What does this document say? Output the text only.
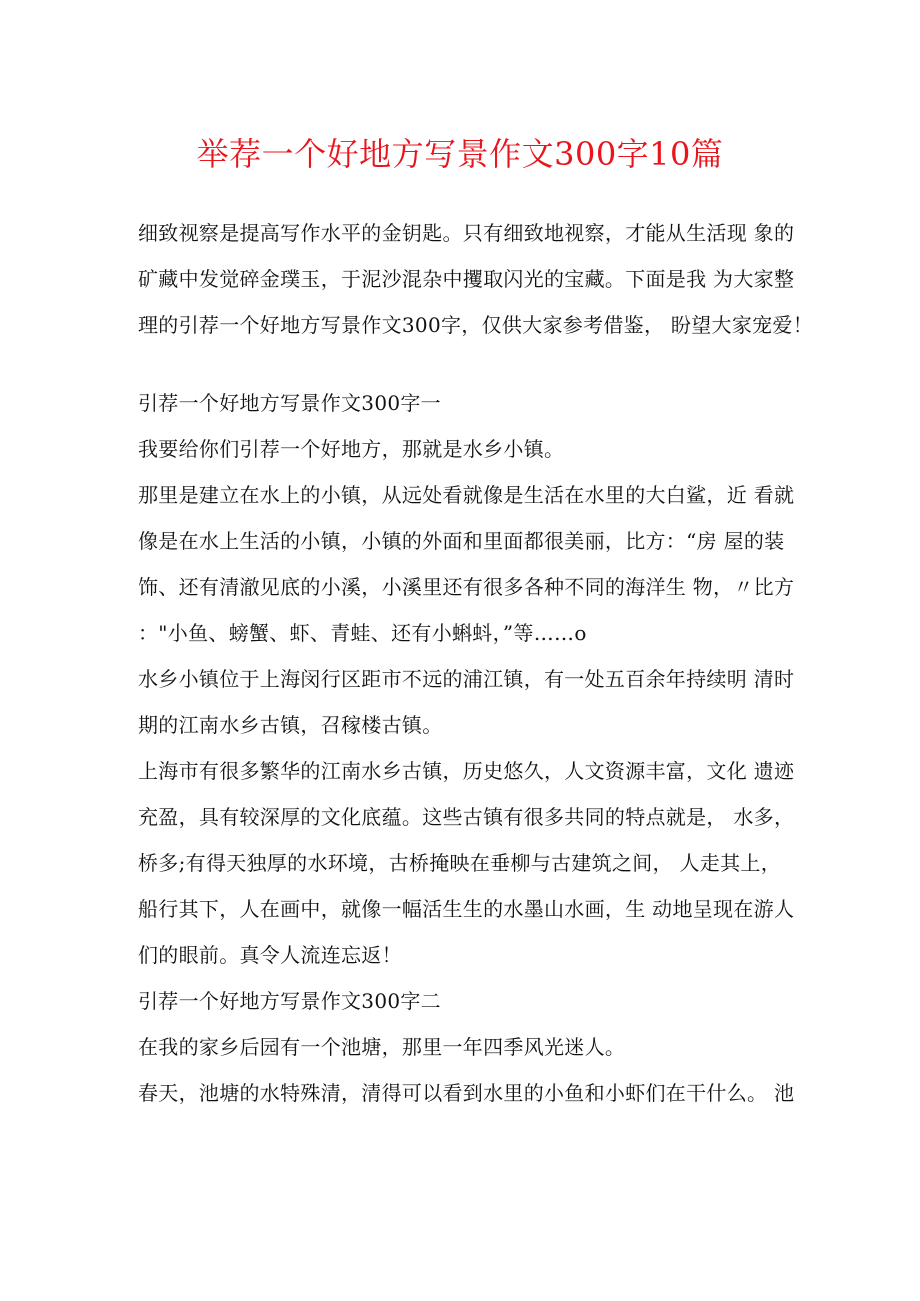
举荐一个好地方写景作文300字10篇
细致视察是提高写作水平的金钥匙。只有细致地视察，才能从生活现 象的
矿藏中发觉碎金璞玉，于泥沙混杂中攫取闪光的宝藏。下面是我 为大家整
理的引荐一个好地方写景作文300字，仅供大家参考借鉴， 盼望大家宠爱！
引荐一个好地方写景作文300字一
我要给你们引荐一个好地方，那就是水乡小镇。
那里是建立在水上的小镇，从远处看就像是生活在水里的大白鲨，近 看就
像是在水上生活的小镇，小镇的外面和里面都很美丽，比方：“房 屋的装
饰、还有清澈见底的小溪，小溪里还有很多各种不同的海洋生 物，〃比方
："小鱼、螃蟹、虾、青蛙、还有小蝌蚪，”等……o
水乡小镇位于上海闵行区距市不远的浦江镇，有一处五百余年持续明 清时
期的江南水乡古镇，召稼楼古镇。
上海市有很多繁华的江南水乡古镇，历史悠久，人文资源丰富，文化 遗迹
充盈，具有较深厚的文化底蕴。这些古镇有很多共同的特点就是， 水多，
桥多;有得天独厚的水环境，古桥掩映在垂柳与古建筑之间， 人走其上，
船行其下，人在画中，就像一幅活生生的水墨山水画，生 动地呈现在游人
们的眼前。真令人流连忘返！
引荐一个好地方写景作文300字二
在我的家乡后园有一个池塘，那里一年四季风光迷人。
春天，池塘的水特殊清，清得可以看到水里的小鱼和小虾们在干什么。 池
